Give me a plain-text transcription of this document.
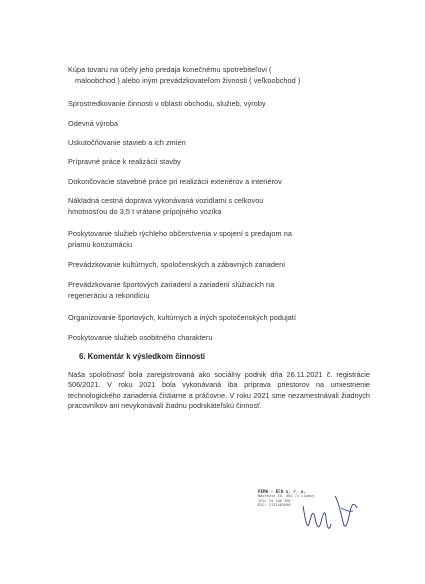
Kúpa tovaru na účely jeho predaja konečnému spotrebiteľovi (
maloobchod ) alebo iným prevádzkovateľom živnosti ( veľkoobchod )
Sprostredkovanie činnosti v oblasti obchodu, služieb, výroby
Odevná výroba
Uskutočňovanie stavieb a ich zmien
Prípravné práce k realizácii stavby
Dokončovacie stavebné práce pri realizácii exteriérov a interiérov
Nákladná cestná doprava vykonávaná vozidlami s celkovou
hmotnosťou do 3,5 t vrátane prípojného vozíka
Poskytovanie služieb rýchleho občerstvenia v spojení s predajom na
priamu konzumáciu
Prevádzkovanie kultúrnych, spoločenských a zábavných zariadení
Prevádzkovanie športových zariadení a zariadení slúžiacich na
regeneráciu a rekondíciu
Organizovanie športových, kultúrnych a iných spoločenských podujatí
Poskytovanie služieb osobitného charakteru
6. Komentár k výsledkom činnosti
Naša spoločnosť bola zaregistrovaná ako sociálny podnik dňa 26.11.2021 č. registrácie 506/2021. V roku 2021 bola vykonávaná iba príprava priestorov na umiestnenie technologického zariadenia čistiarne a práčovne. V roku 2021 sme nezamestnávali žiadnych pracovníkov ani nevykonávali žiadnu podnikateľskú činnosť.
FEMA - ECO s. r. o.
Nábrežie 10, 082 71 Lipany
IČO: 54 106 398
DIČ: 2121583998
